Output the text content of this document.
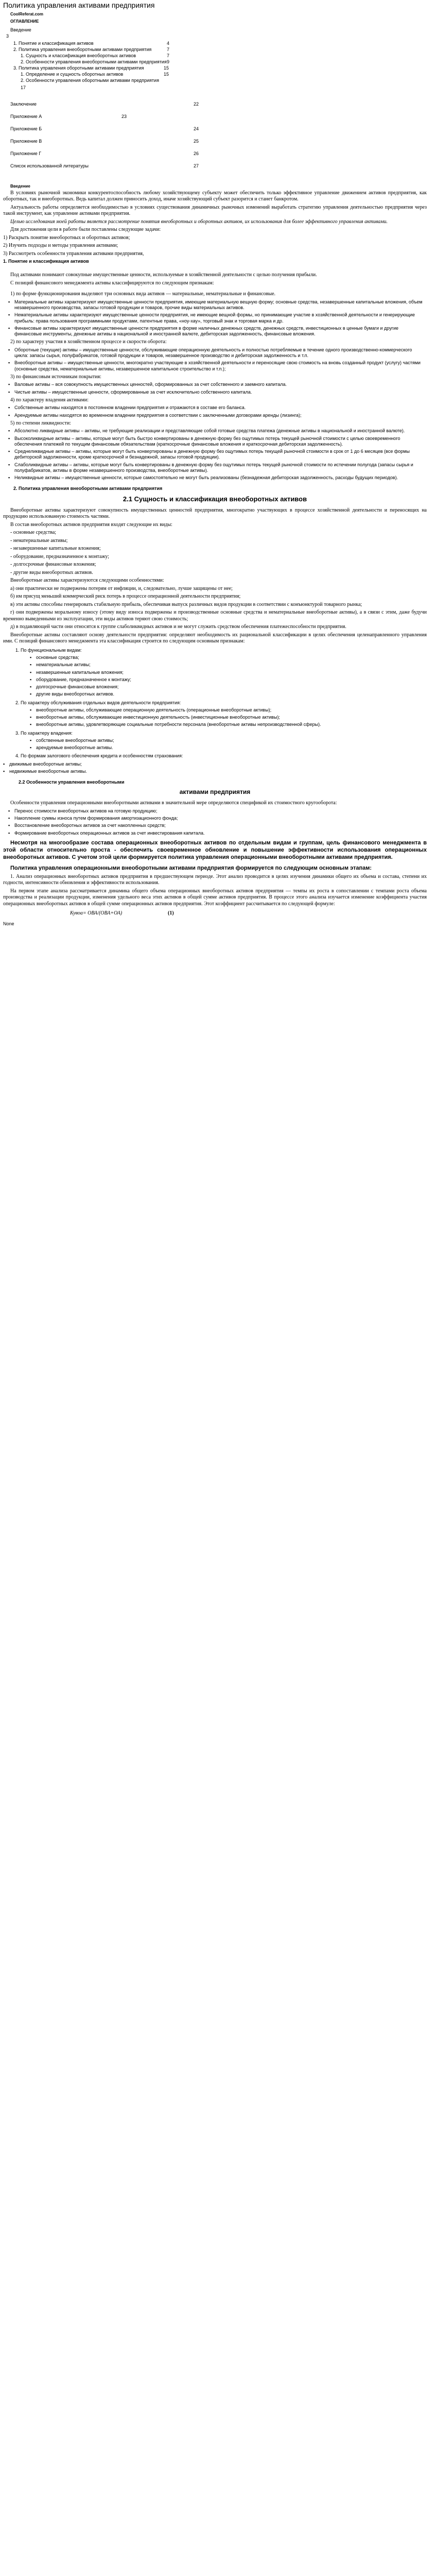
Политика управления активами предприятия
CoolReferat.com
ОГЛАВЛЕНИЕ
Введение
3
1. Понятие и классификация активов	4
2. Политика управления внеоборотными активами предприятия	7
1. Сущность и классификация внеоборотных активов	7
2. Особенности управления внеоборотными активами предприятия 9
3. Политика управления оборотными активами предприятия	15
1. Определение и сущность оборотных активов	15
2. Особенности управления оборотными активами предприятия
17
Заключение	22
Приложение А	23
Приложение Б	24
Приложение В	25
Приложение Г	26
Список использованной литературы	27
Введение

В условиях рыночной экономики конкурентоспособность любому хозяйствующему субъекту может обеспечить только эффективное управление движением активов предприятия, как оборотных, так и внеоборотных. Ведь капитал должен приносить доход, иначе хозяйствующий субъект разорится и станет банкротом.

Актуальность работы определяется необходимостью в условиях существования динамичных рыночных изменений выработать стратегию управления деятельностью предприятия через такой инструмент, как управление активами предприятия.

Целью исследования моей работы является рассмотрение понятия внеоборотных и оборотных активов, их использования для более эффективного управления активами.

Для достижения цели в работе были поставлены следующие задачи:

1) Раскрыть понятие внеоборотных и оборотных активов;

2) Изучить подходы и методы управления активами;

3) Рассмотреть особенности управления активами предприятия,

1. Понятие и классификация активов

Под активами понимают совокупные имущественные ценности, используемые в хозяйственной деятельности с целью получения прибыли.

С позиций финансового менеджмента активы классифицируются по следующим признакам:

1) по форме функционирования выделяют три основных вида активов — материальные, нематериальные и финансовые.

▪ Материальные активы характеризуют имущественные ценности предприятия, имеющие материальную вещную форму; основные средства, незавершенные капитальные вложения, объем незавершенного производства, запасы готовой продукции и товаров, прочие виды материальных активов.
▪ Нематериальные активы характеризуют имущественные ценности предприятия, не имеющие вещной формы, но принимающие участие в хозяйственной деятельности и генерирующие прибыль: права пользования программными продуктами, патентные права, «ноу-хау», торговый знак и торговая марка и др.
▪ Финансовые активы характеризуют имущественные ценности предприятия в форме наличных денежных средств, денежных средств, инвестиционных в ценные бумаги и другие финансовые инструменты, денежные активы в национальной и иностранной валюте, дебиторская задолженность, финансовые вложения.

2) по характеру участия в хозяйственном процессе и скорости оборота:

▪ Оборотные (текущие) активы – имущественные ценности, обслуживающие операционную деятельность и полностью потребляемые в течение одного производственно-коммерческого цикла: запасы сырья, полуфабрикатов, готовой продукции и товаров, незавершенное производство и дебиторская задолженность и т.п.
▪ Внеоборотные активы – имущественные ценности, многократно участвующие в хозяйственной деятельности и переносящие свою стоимость на вновь созданный продукт (услугу) частями (основные средства, нематериальные активы, незавершенное капитальное строительство и т.п.);

3) по финансовым источникам покрытия:

▪ Валовые активы – вся совокупность имущественных ценностей, сформированных за счет собственного и заемного капитала.
▪ Чистые активы – имущественные ценности, сформированные за счет исключительно собственного капитала.

4) по характеру владения активами:

▪ Собственные активы находятся в постоянном владении предприятия и отражаются в составе его баланса.
▪ Арендуемые активы находятся во временном владении предприятия в соответствии с заключенными договорами аренды (лизинга);

5) по степени ликвидности:

▪ Абсолютно ликвидные активы – активы, не требующие реализации и представляющие собой готовые средства платежа (денежные активы в национальной и иностранной валюте).
▪ Высоколиквидные активы – активы, которые могут быть быстро конвертированы в денежную форму без ощутимых потерь текущей рыночной стоимости с целью своевременного обеспечения платежей по текущим финансовым обязательствам (краткосрочные финансовые вложения и краткосрочная дебиторская задолженность).
▪ Среднеликвидные активы – активы, которые могут быть конвертированы в денежную форму без ощутимых потерь текущей рыночной стоимости в срок от 1 до 6 месяцев (все формы дебиторской задолженности, кроме краткосрочной и безнадежной, запасы готовой продукции).
▪ Слаболиквидные активы – активы, которые могут быть конвертированы в денежную форму без ощутимых потерь текущей рыночной стоимости по истечении полугода (запасы сырья и полуфабрикатов, активы в форме незавершенного производства, внеоборотные активы).
▪ Неликвидные активы – имущественные ценности, которые самостоятельно не могут быть реализованы (безнадежная дебиторская задолженность, расходы будущих периодов).
2. Политика управления внеоборотными активами предприятия
2.1 Сущность и классификация внеоборотных активов

Внеоборотные активы характеризуют совокупность имущественных ценностей предприятия, многократно участвующих в процессе хозяйственной деятельности и переносящих на продукцию использованную стоимость частями.

В состав внеоборотных активов предприятия входят следующие их виды:

- основные средства;

- нематериальные активы;

- незавершенные капитальные вложения;

- оборудование, предназначенное к монтажу;

- долгосрочные финансовые вложения;

- другие виды внеоборотных активов.

Внеоборотные активы характеризуются следующими особенностями:

а) они практически не подвержены потерям от инфляции, и, следовательно, лучше защищены от нее;

б) им присущ меньший коммерческий риск потерь в процессе операционной деятельности предприятия;

в) эти активы способны генерировать стабильную прибыль, обеспечивая выпуск различных видов продукции в соответствии с конъюнктурой товарного рынка;

г) они подвержены моральному износу (этому виду износа подвержены и производственные основные средства и нематериальные внеоборотные активы), а в связи с этим, даже будучи временно выведенными из эксплуатации, эти виды активов теряют свою стоимость;

д) в подавляющей части они относятся к группе слаболиквидных активов и не могут служить средством обеспечения платежеспособности предприятия.

Внеоборотные активы составляют основу деятельности предприятия: определяют необходимость их рациональной классификации в целях обеспечения целенаправленного управления ими. С позиций финансового менеджмента эта классификация строится по следующим основным признакам:

1. По функциональным видам:
▪ основные средства;
▪ нематериальные активы;
▪ незавершенные капитальные вложения;
▪ оборудование, предназначенное к монтажу;
▪ долгосрочные финансовые вложения;
▪ другие виды внеоборотных активов.
2. По характеру обслуживания отдельных видов деятельности предприятия:
▪ внеоборотные активы, обслуживающие операционную деятельность (операционные внеоборотные активы);
▪ внеоборотные активы, обслуживающие инвестиционную деятельность (инвестиционные внеоборотные активы);
▪ внеоборотные активы, удовлетворяющие социальные потребности персонала (внеоборотные активы непроизводственной сферы).
3. По характеру владения:
▪ собственные внеоборотные активы;
▪ арендуемые внеоборотные активы.
4. По формам залогового обеспечения кредита и особенностям страхования:
▪ движимые внеоборотные активы;
▪ недвижимые внеоборотные активы.
2.2 Особенности управления внеоборотными
активами предприятия

Особенности управления операционными внеоборотными активами в значительной мере определяются спецификой их стоимостного кругооборота:

▪ Перенос стоимости внеоборотных активов на готовую продукцию;
▪ Накопление суммы износа путем формирования амортизационного фонда;
▪ Восстановление внеоборотных активов за счет накопленных средств;
▪ Формирование внеоборотных операционных активов за счет инвестирования капитала.

Несмотря на многообразие состава операционных внеоборотных активов по отдельным видам и группам, цель финансового менеджмента в этой области относительно проста - обеспечить своевременное обновление и повышение эффективности использования операционных внеоборотных активов. С учетом этой цели формируется политика управления операционными внеоборотными активами предприятия.

Политика управления операционными внеоборотными активами предприятия формируется по следующим основным этапам:

1. Анализ операционных внеоборотных активов предприятия в предшествующем периоде. Этот анализ проводится в целях изучения динамики общего их объема и состава, степени их годности, интенсивности обновления и эффективности использования.

На первом этапе анализа рассматривается динамика общего объема операционных внеоборотных активов предприятия — темпы их роста в сопоставлении с темпами роста объема производства и реализации продукции, изменения удельного веса этих активов в общей сумме активов предприятия. В процессе этого анализа изучается изменение коэффициента участия операционных внеоборотных активов в общей сумме операционных активов предприятия. Этот коэффициент рассчитывается по следующей формуле:

Кувоа= ОВА/(ОВА+ОА)	(1)
None
